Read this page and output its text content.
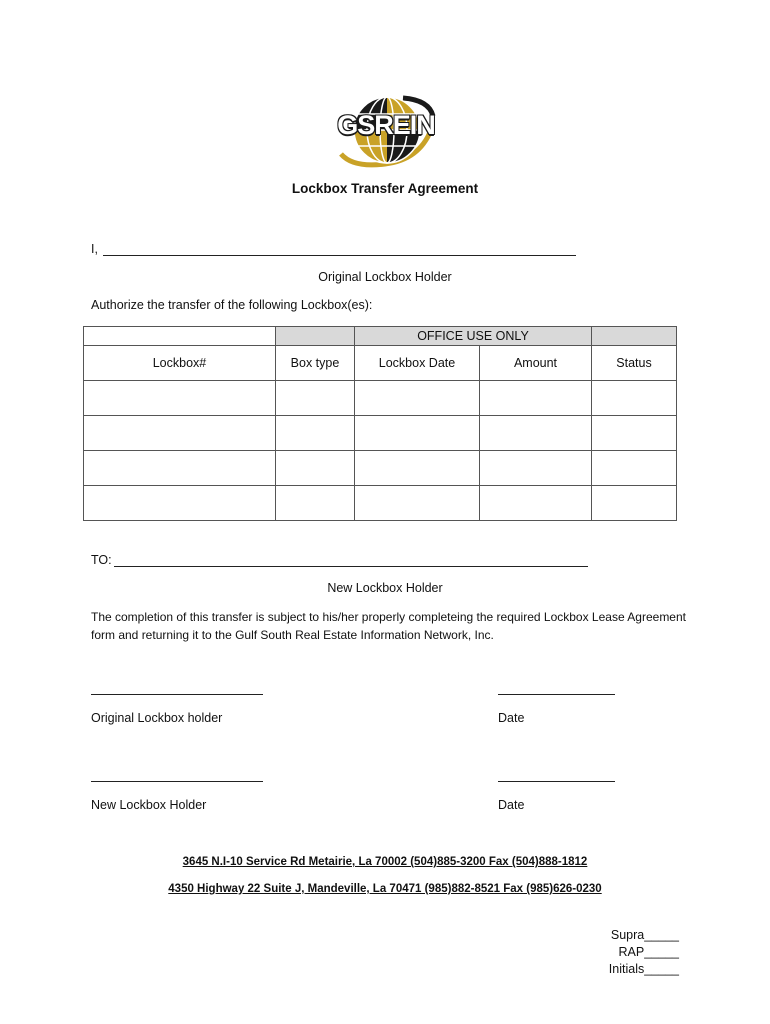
GSREIN
Lockbox Transfer Agreement
I,
Original Lockbox Holder
Authorize the transfer of the following Lockbox(es):
		OFFICE USE ONLY		
Lockbox#	Box type	Lockbox Date	Amount	Status

TO:
New Lockbox Holder
The completion of this transfer is subject to his/her properly completeing the required Lockbox Lease Agreement form and returning it to the Gulf South Real Estate Information Network, Inc.
Original Lockbox holder	Date
New Lockbox Holder	Date
3645 N.I-10 Service Rd Metairie, La 70002 (504)885-3200 Fax (504)888-1812
4350 Highway 22 Suite J, Mandeville, La 70471 (985)882-8521 Fax (985)626-0230
Supra_____
RAP_____
Initials_____
